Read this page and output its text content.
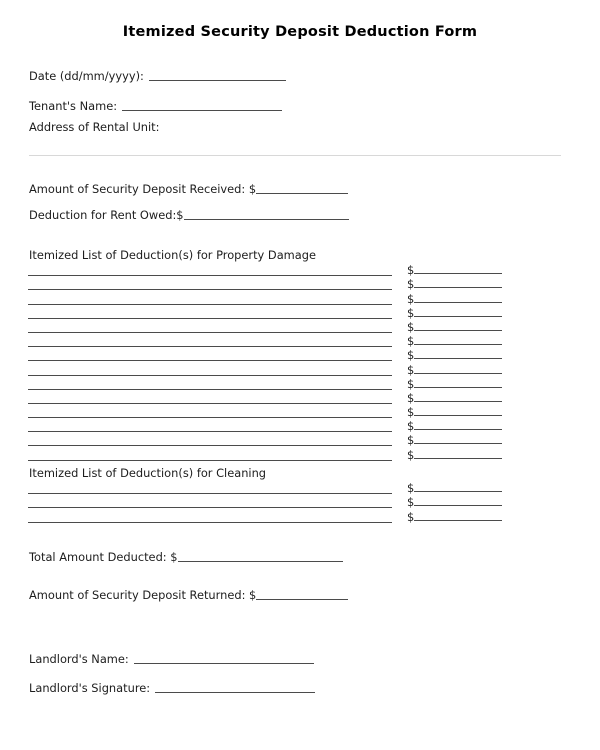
Itemized Security Deposit Deduction Form
Date (dd/mm/yyyy):
Tenant's Name:
Address of Rental Unit:
Amount of Security Deposit Received: $
Deduction for Rent Owed:$
Itemized List of Deduction(s) for Property Damage
$
$
$
$
$
$
$
$
$
$
$
$
$
$
Itemized List of Deduction(s) for Cleaning
$
$
$
Total Amount Deducted: $
Amount of Security Deposit Returned: $
Landlord's Name:
Landlord's Signature:
